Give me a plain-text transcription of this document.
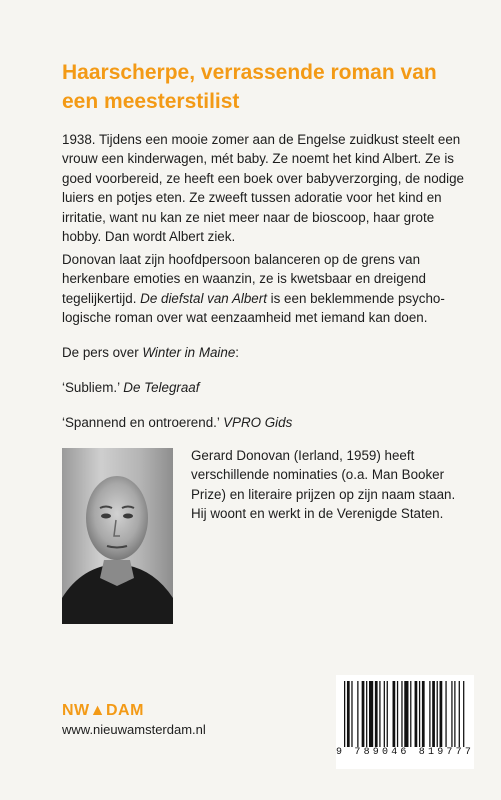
Haarscherpe, verrassende roman van een meesterstilist

1938. Tijdens een mooie zomer aan de Engelse zuidkust steelt een vrouw een kinderwagen, mét baby. Ze noemt het kind Albert. Ze is goed voorbereid, ze heeft een boek over babyverzorging, de nodige luiers en potjes eten. Ze zweeft tussen adoratie voor het kind en irritatie, want nu kan ze niet meer naar de bioscoop, haar grote hobby. Dan wordt Albert ziek.

Donovan laat zijn hoofdpersoon balanceren op de grens van herkenbare emoties en waanzin, ze is kwetsbaar en dreigend tegelijkertijd. De diefstal van Albert is een beklemmende psychologische roman over wat eenzaamheid met iemand kan doen.

De pers over Winter in Maine:

‘Subliem.’ De Telegraaf

‘Spannend en ontroerend.’ VPRO Gids

Gerard Donovan (Ierland, 1959) heeft verschillende nominaties (o.a. Man Booker Prize) en literaire prijzen op zijn naam staan. Hij woont en werkt in de Verenigde Staten.

NW▲DAM
www.nieuwamsterdam.nl
9 789046 819777
